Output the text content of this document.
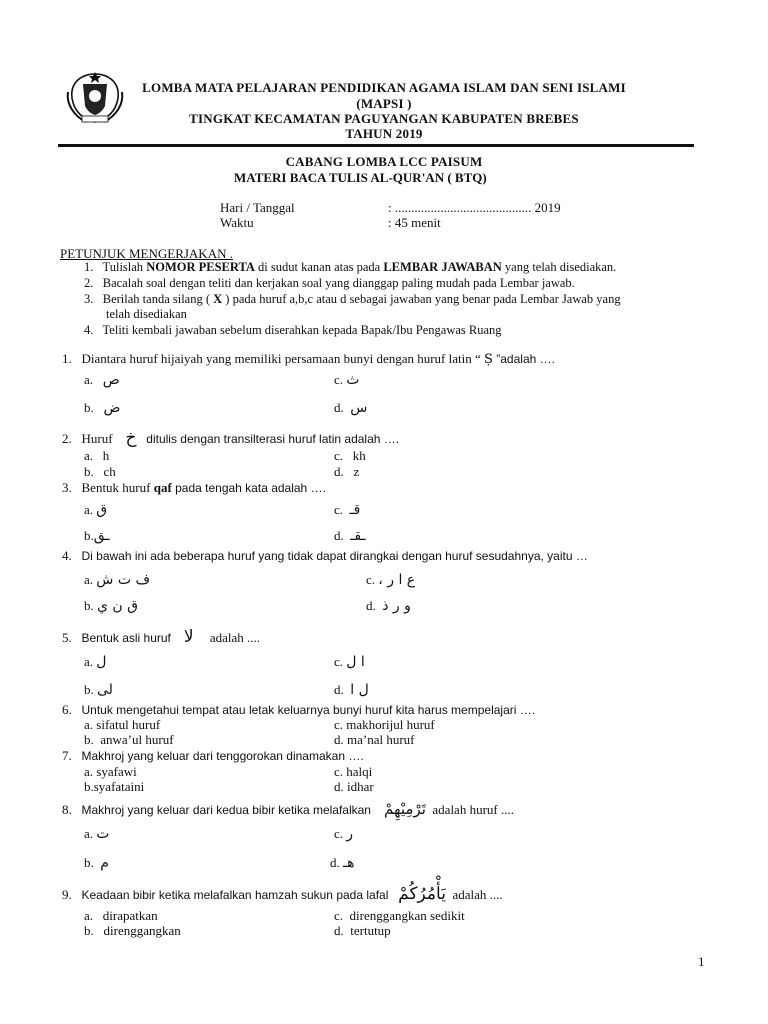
LOMBA MATA PELAJARAN PENDIDIKAN AGAMA ISLAM DAN SENI ISLAMI
(MAPSI )
TINGKAT KECAMATAN PAGUYANGAN KABUPATEN BREBES
TAHUN 2019
CABANG LOMBA LCC PAISUM
MATERI BACA TULIS AL-QUR'AN ( BTQ)
Hari / Tanggal	: .......................................... 2019
Waktu	: 45 menit
PETUNJUK MENGERJAKAN .
1.   Tulislah NOMOR PESERTA di sudut kanan atas pada LEMBAR JAWABAN yang telah disediakan.
2.   Bacalah soal dengan teliti dan kerjakan soal yang dianggap paling mudah pada Lembar jawab.
3.   Berilah tanda silang ( X ) pada huruf a,b,c atau d sebagai jawaban yang benar pada Lembar Jawab yang
telah disediakan
4.   Teliti kembali jawaban sebelum diserahkan kepada Bapak/Ibu Pengawas Ruang
1.   Diantara huruf hijaiyah yang memiliki persamaan bunyi dengan huruf latin “ Ṣ ”adalah ….
a. ص	c. ث
b. ض	d. س
2.   Huruf خ ditulis dengan transilterasi huruf latin adalah ….
a. h	c. kh
b. ch	d. z
3.   Bentuk huruf qaf pada tengah kata adalah ….
a. ق	c. قـ
b.ـق	d. ـقـ
4.   Di bawah ini ada beberapa huruf yang tidak dapat dirangkai dengan huruf sesudahnya, yaitu …
a. ف ت ش	c. ع ا ر ،
b. ق ن ي	d. و ر ذ
5.   Bentuk asli huruf لا adalah ....
a. ل	c. ا ل
b. لى	d. ل ا
6.   Untuk mengetahui tempat atau letak keluarnya bunyi huruf kita harus mempelajari ….
a. sifatul huruf	c. makhorijul huruf
b. anwa’ul huruf	d. ma’nal huruf
7.   Makhroj yang keluar dari tenggorokan dinamakan ….
a. syafawi	c. halqi
b.syafataini	d. idhar
8.   Makhroj yang keluar dari kedua bibir ketika melafalkan تَرْمِيْهِمْ adalah huruf ....
a. ت	c. ر
b. م	d. هـ
9.   Keadaan bibir ketika melafalkan hamzah sukun pada lafal يَأْمُرُكُمْ adalah ....
a. dirapatkan	c. direnggangkan sedikit
b. direnggangkan	d. tertutup
1
